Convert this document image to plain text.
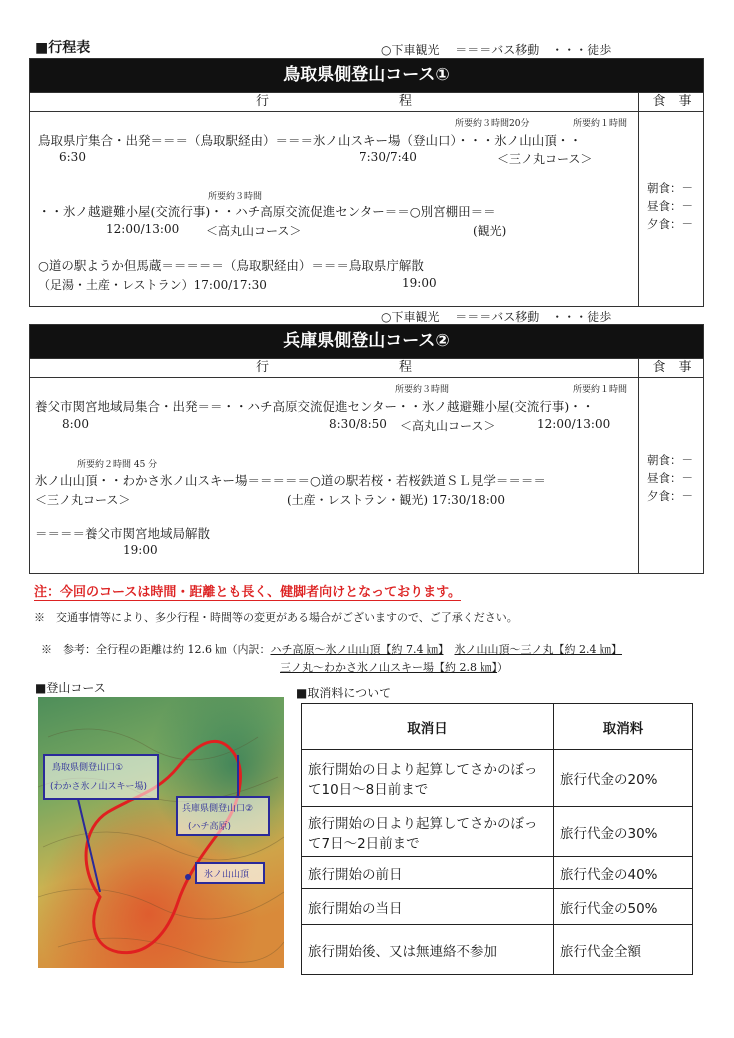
■行程表	○下車観光　 ＝＝＝バス移動　・・・徒歩
鳥取県側登山コース①
行　　　　　　　　　　程	食　事
朝食：－
昼食：－
夕食：－
所要約３時間20分	所要約１時間
鳥取県庁集合・出発＝＝＝（鳥取駅経由）＝＝＝氷ノ山スキー場（登山口）・・・氷ノ山山頂・・
6:30	7:30/7:40	＜三ノ丸コース＞
所要約３時間
・・氷ノ越避難小屋(交流行事)・・ハチ高原交流促進センター＝＝○別宮棚田＝＝
12:00/13:00 ＜高丸山コース＞	(観光)
○道の駅ようか但馬蔵＝＝＝＝＝（鳥取駅経由）＝＝＝鳥取県庁解散
（足湯・土産・レストラン）17:00/17:30	19:00
○下車観光　 ＝＝＝バス移動　・・・徒歩
兵庫県側登山コース②
行　　　　　　　　　　程	食　事
朝食：－
昼食：－
夕食：－
所要約３時間	所要約１時間
養父市関宮地域局集合・出発＝＝・・ハチ高原交流促進センター・・氷ノ越避難小屋(交流行事)・・
8:00	8:30/8:50 ＜高丸山コース＞	12:00/13:00
所要約２時間 45 分
氷ノ山山頂・・わかさ氷ノ山スキー場＝＝＝＝＝○道の駅若桜・若桜鉄道ＳＬ見学＝＝＝＝
＜三ノ丸コース＞	(土産・レストラン・観光) 17:30/18:00
＝＝＝＝養父市関宮地域局解散
19:00
注：今回のコースは時間・距離とも長く、健脚者向けとなっております。
※　交通事情等により、多少行程・時間等の変更がある場合がございますので、ご了承ください。

※　参考：全行程の距離は約 12.6 ㎞（内訳：ハチ高原～氷ノ山山頂【約 7.4 ㎞】　 氷ノ山山頂～三ノ丸【約 2.4 ㎞】

三ノ丸～わかさ氷ノ山スキー場【約 2.8 ㎞】）

■登山コース
鳥取県側登山口①
(わかさ氷ノ山スキー場)
兵庫県側登山口②
(ハチ高原)
氷ノ山山頂
■取消料について
取消日	取消料
旅行開始の日より起算してさかのぼって10日～8日前まで	旅行代金の20%
旅行開始の日より起算してさかのぼって7日～2日前まで	旅行代金の30%
旅行開始の前日	旅行代金の40%
旅行開始の当日	旅行代金の50%
旅行開始後、又は無連絡不参加	旅行代金全額
